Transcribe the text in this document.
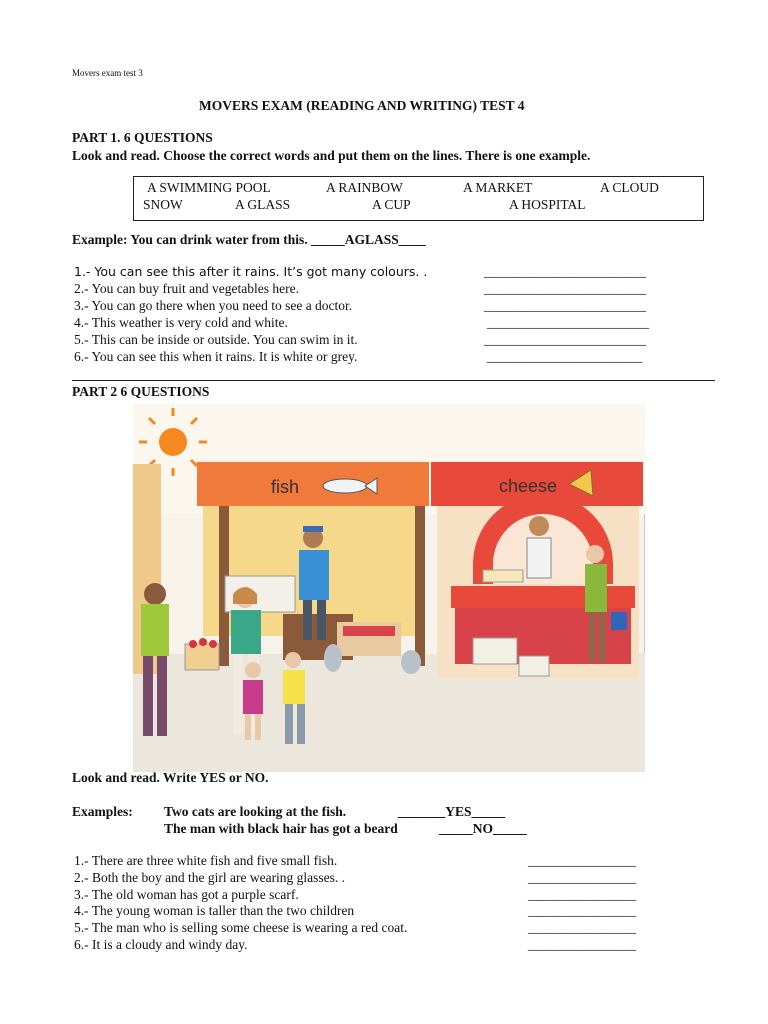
Movers exam test 3
MOVERS EXAM (READING AND WRITING) TEST 4
PART 1. 6 QUESTIONS
Look and read. Choose the correct words and put them on the lines. There is one example.
A SWIMMING POOL	A RAINBOW	A MARKET	A CLOUD
SNOW	A GLASS	A CUP	A HOSPITAL
Example: You can drink water from this. _____AGLASS____
1.- You can see this after it rains. It’s got many colours. .	________________________
2.- You can buy fruit and vegetables here.	________________________
3.- You can go there when you need to see a doctor.	________________________
4.- This weather is very cold and white.	________________________
5.- This can be inside or outside. You can swim in it.	________________________
6.- You can see this when it rains. It is white or grey.	_______________________
PART 2 6 QUESTIONS
fish	cheese
Look and read. Write YES or NO.
Examples: Two cats are looking at the fish.	_______YES_____
The man with black hair has got a beard	_____NO_____
1.- There are three white fish and five small fish.	________________
2.- Both the boy and the girl are wearing glasses. .	________________
3.- The old woman has got a purple scarf.	________________
4.- The young woman is taller than the two children	________________
5.- The man who is selling some cheese is wearing a red coat.	________________
6.- It is a cloudy and windy day.	________________
